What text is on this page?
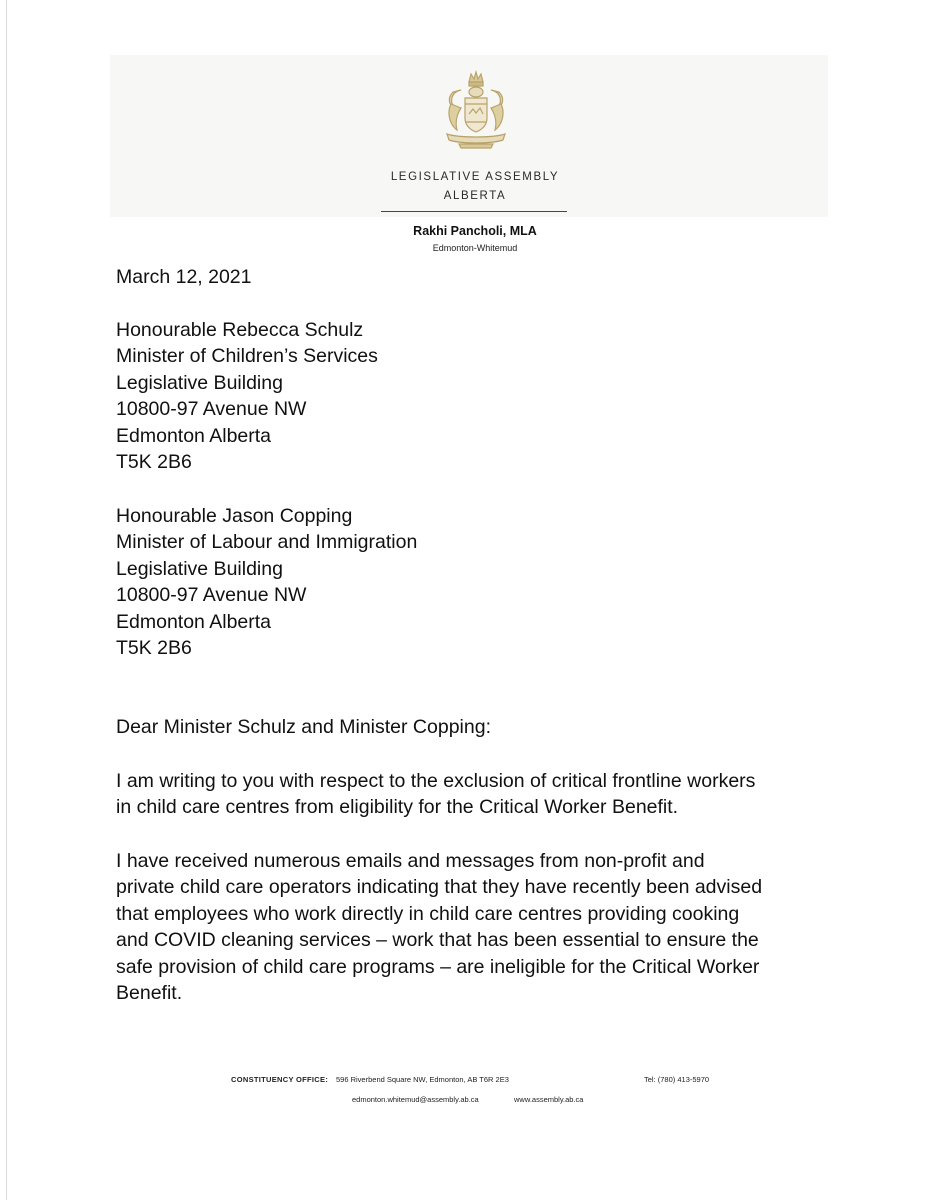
LEGISLATIVE ASSEMBLY
ALBERTA
Rakhi Pancholi, MLA
Edmonton-Whitemud
March 12, 2021
Honourable Rebecca Schulz
Minister of Children’s Services
Legislative Building
10800-97 Avenue NW
Edmonton Alberta
T5K 2B6
Honourable Jason Copping
Minister of Labour and Immigration
Legislative Building
10800-97 Avenue NW
Edmonton Alberta
T5K 2B6
Dear Minister Schulz and Minister Copping:
I am writing to you with respect to the exclusion of critical frontline workers
in child care centres from eligibility for the Critical Worker Benefit.
I have received numerous emails and messages from non-profit and
private child care operators indicating that they have recently been advised
that employees who work directly in child care centres providing cooking
and COVID cleaning services – work that has been essential to ensure the
safe provision of child care programs – are ineligible for the Critical Worker
Benefit.
CONSTITUENCY OFFICE: 596 Riverbend Square NW, Edmonton, AB T6R 2E3	Tel: (780) 413-5970
edmonton.whitemud@assembly.ab.ca	www.assembly.ab.ca
